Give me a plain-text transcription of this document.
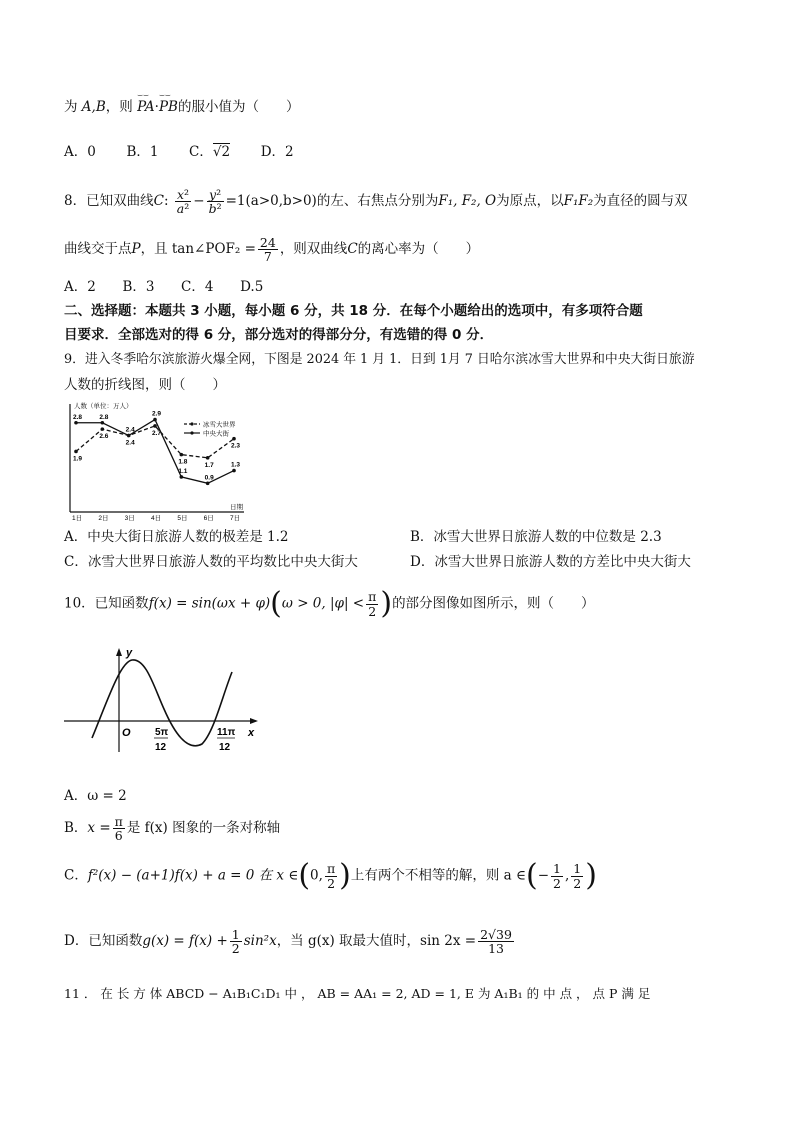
为 A,B，则
⌣⌣
PA·
⌣⌣
PB的服小值为（　　）
A．0 B．1 C．√2 D．2
8．已知双曲线C: $\frac{\text{x²}}{\text{a²}} - \frac{\text{y²}}{\text{b²}} =1(a>0,b>0)$的左、右焦点分别为F₁, F₂, O为原点，以F₁F₂为直径的圆与双
曲线交于点P，且 tan∠POF₂ = $\frac{24}{7}$ ，则双曲线C的离心率为（　　）
A．2 B．3 C．4 D.5
二、选择题：本题共 3 小题，每小题 6 分，共 18 分．在每个小题给出的选项中，有多项符合题
目要求．全部选对的得 6 分，部分选对的得部分分，有选错的得 0 分．
9．进入冬季哈尔滨旅游火爆全网，下图是 2024 年 1 月 1．日到 1月 7 日哈尔滨冰雪大世界和中央大街日旅游
人数的折线图，则（　　）
人数（单位：万人）
日期
1日 2日 3日 4日 5日 6日 7日
冰雪大世界
中央大街
1.9
2.6
2.4
2.7
1.8	1.7
2.3
2.8	2.8
2.4
2.9
1.1
0.9
1.3
A．中央大街日旅游人数的极差是 1.2	B．冰雪大世界日旅游人数的中位数是 2.3
C．冰雪大世界日旅游人数的平均数比中央大街大	D．冰雪大世界日旅游人数的方差比中央大街大
10．已知函数f(x) = sin(ωx + φ)(ω > 0, $|\varphi| < \frac{\pi}{2}$ )的部分图像如图所示，则（　　）
y
x
O 5π
12
11π
12
A．ω = 2
B．$x = \frac{\pi}{6}$ 是 f(x) 图象的一条对称轴
C．f²(x) − (a+1)f(x) + a = 0 在 x ∈(0, $\frac{\pi}{2}$ )上有两个不相等的解，则 a ∈(− $\frac{1}{2}$ , $\frac{1}{2}$ )
D．已知函数$g(x) = f(x) + \frac{1}{2} \sin^2x$，当 g(x) 取最大值时，$\sin 2x = \frac{2√39}{13}$
11 ． 在 长 方 体 ABCD − A₁B₁C₁D₁ 中 ， AB = AA₁ = 2, AD = 1, E 为 A₁B₁ 的 中 点 ， 点 P 满 足
